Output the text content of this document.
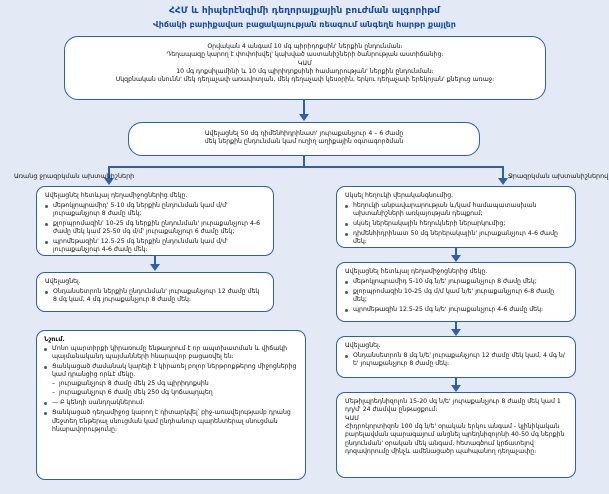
ՀՀՄ և հիպերէնզիմի դեղորայքային բուժման ալգորիթմ
Վիճակի բարիքավառ բացակայության ռեագում անգեղե հարթր քայլեր
Օրվական 4 անգամ 10 մգ պիրիդոքսին' ներքին ընդունման։
Դեղապազը կարող է փոփոխվել' կախված աստանիշների ծանրության աստիճանից։
ԿԱՄ
10 մգ դոքսիլամինի և 10 մգ պիրիդոքսինի համադրության' ներքին ընդունման։
Սկզբնական սնունն' մեկ դեղաչափ առավոտյան, մեկ դեղաչափ կեսօրին, երկու դեղաչափ երեկոյան' քնելուց առաջ։
Ավելացնել 50 մգ դիմենհիդրինատ' յուրաքանչյուր 4 – 6 ժամը
մեկ ներքին ընդունման կամ ուղիղ աղիքային օգտագործման
Առանց ջրազրկման ախտանիշների	Ջրազրկման ախտանիշներով
Ավելացնել հետևյալ դեղամիջոցներից մեկը.
մեթոկլոպրամիդ' 5-10 մգ ներքին ընդունման կամ մ/մ' յուրաքանչյուր 8 ժամը մեկ;
քլորպրոմազին' 10-25 մգ ներքին ընդունման' յուրաքանչյուր 4-6 ժամը մեկ կամ 25-50 մգ մ/մ' յուրաքանչյուր 6 ժամը մեկ;
պրոմեթազին' 12.5-25 մգ ներքին ընդունման կամ մ/մ' յուրաքանչյուր 4-6 ժամը մեկ։
Ավելացնել.
Օնդանսետրոն ներքին ընդունման' յուրաքանչյուր 12 ժամը մեկ 8 մգ կամ, 4 մգ յուրաքանչյուր 8 ժամը մեկ։
Սկսել հեղուկի վերականգնումից.
հեղուկի անբավարարության և/կամ համապատասխան ախտանիշների առկայության դեպքում;
սկսել ներերակային հեղուկների ներարկումից;
դիմենհիդրինատ 50 մգ ներերակային' յուրաքանչյուր 4-6 ժամը մեկ։
Ավելացնել հետևյալ դեղամիջոցներից մեկը.
մեթոկլոպրամիդ 5-10 մգ ն/ե' յուրաքանչյուր 8 ժամը մեկ;
քլորպրոմազին 10-25 մգ մ/մ կամ ն/ե' յուրաքանչյուր 6-8 ժամը մեկ;
պրոմեթազին 12.5-25 մգ ն/ե' յուրաքանչյուր 4-6 ժամը մեկ։
Ավելացնել.
Օնդանսետրոն 8 մգ ն/ե' յուրաքանչյուր 12 ժամը մեկ կամ, 4 մգ ն/ե' յուրաքանչյուր 8 ժամը մեկ։
Մեթիլպրեդնիզոլոն 15-20 մգ ն/ե' յուրաքանչյուր 8 ժամը մեկ կամ 1 դղ/մ' 24 ժամվա ընթացքում։
ԿԱՄ
Հիդրոկորտիզոն 100 մգ ն/ե' օրական երկու անգամ - կլինիկական բարելավման պարագայում անցնել պրեդնիզոլոնի 40-50 մգ ներքին ընդունման' օրական մեկ անգամ, հետագծում կրճատելով դոզավորումը մինչև ամենացածր պահպանող դեղաչափը։
Նշում.
Մոնո պարտիրքի կիրառումը ենթադրում է որ ապտխատման և վիճակի պայմանականդ պայմանների հնարավոր բացառվել են։
Ցանկացած ժամանակ կարելի է կիրառել բոլոր ներթրոքթերոց միջոցներից կամ դրանցից որևէ մեկը.
– յուրաքանչյուր 8 ժամը մեկ 25 մգ պիրիդոքսին
– յուրաքանչյուր 6 ժամը մեկ 250 մգ կոճապղպեղ
— Բ կենդի սանդղակներում։
Ցանկացած դեղամիջոց կարող է դիտարկվել՝ բիջ-առավելությամբ դրանց մեջտեղ Ենթերալ սնուցման կամ ընդհանուր պարենտերալ սնուցման հնարավորությունը։
